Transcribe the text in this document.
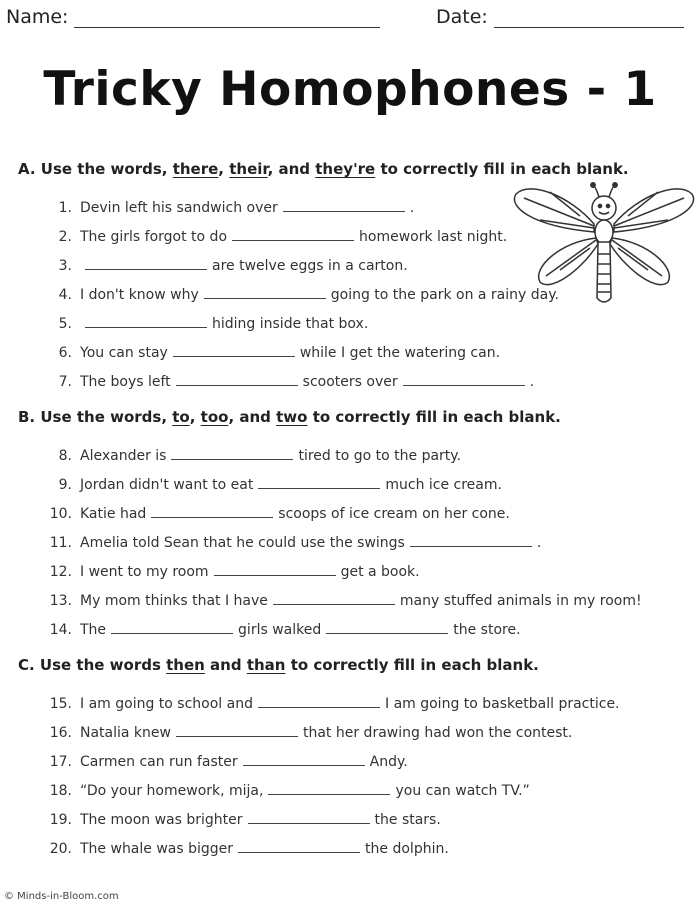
Name:	Date:
Tricky Homophones - 1
A. Use the words, there, their, and they're to correctly fill in each blank.
B. Use the words, to, too, and two to correctly fill in each blank.
C. Use the words then and than to correctly fill in each blank.
© Minds-in-Bloom.com
1. Devin left his sandwich over	.
2. The girls forgot to do	homework last night.
3.	are twelve eggs in a carton.
4. I don't know why	going to the park on a rainy day.
5.	hiding inside that box.
6. You can stay	while I get the watering can.
7. The boys left	scooters over	.
8. Alexander is	tired to go to the party.
9. Jordan didn't want to eat	much ice cream.
10. Katie had	scoops of ice cream on her cone.
11. Amelia told Sean that he could use the swings	.
12. I went to my room	get a book.
13. My mom thinks that I have	many stuffed animals in my room!
14. The	girls walked	the store.
15. I am going to school and	I am going to basketball practice.
16. Natalia knew	that her drawing had won the contest.
17. Carmen can run faster	Andy.
18. “Do your homework, mija,	you can watch TV.”
19. The moon was brighter	the stars.
20. The whale was bigger	the dolphin.
